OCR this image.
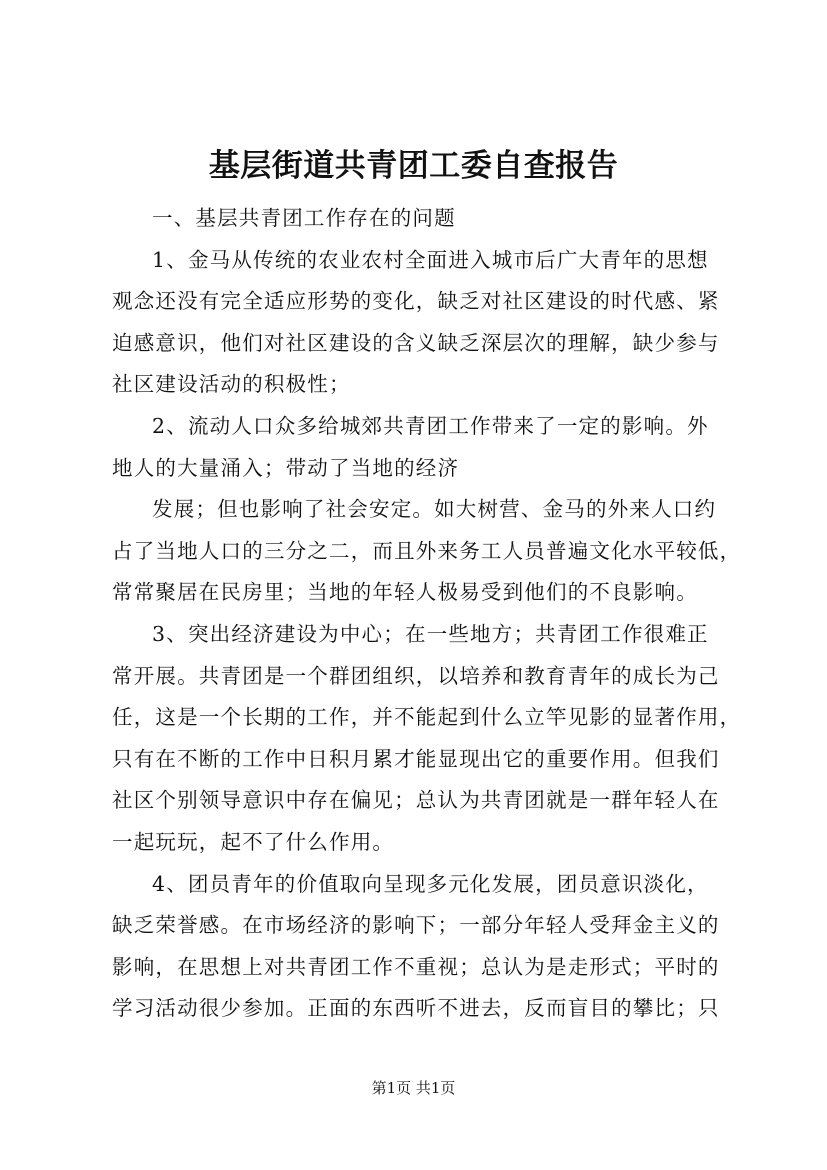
基层街道共青团工委自查报告
一、基层共青团工作存在的问题
1、金马从传统的农业农村全面进入城市后广大青年的思想
观念还没有完全适应形势的变化，缺乏对社区建设的时代感、紧
迫感意识，他们对社区建设的含义缺乏深层次的理解，缺少参与
社区建设活动的积极性；
2、流动人口众多给城郊共青团工作带来了一定的影响。外
地人的大量涌入；带动了当地的经济
发展；但也影响了社会安定。如大树营、金马的外来人口约
占了当地人口的三分之二，而且外来务工人员普遍文化水平较低，
常常聚居在民房里；当地的年轻人极易受到他们的不良影响。
3、突出经济建设为中心；在一些地方；共青团工作很难正
常开展。共青团是一个群团组织，以培养和教育青年的成长为己
任，这是一个长期的工作，并不能起到什么立竿见影的显著作用，
只有在不断的工作中日积月累才能显现出它的重要作用。但我们
社区个别领导意识中存在偏见；总认为共青团就是一群年轻人在
一起玩玩，起不了什么作用。
4、团员青年的价值取向呈现多元化发展，团员意识淡化，
缺乏荣誉感。在市场经济的影响下；一部分年轻人受拜金主义的
影响，在思想上对共青团工作不重视；总认为是走形式；平时的
学习活动很少参加。正面的东西听不进去，反而盲目的攀比；只
第1页 共1页
